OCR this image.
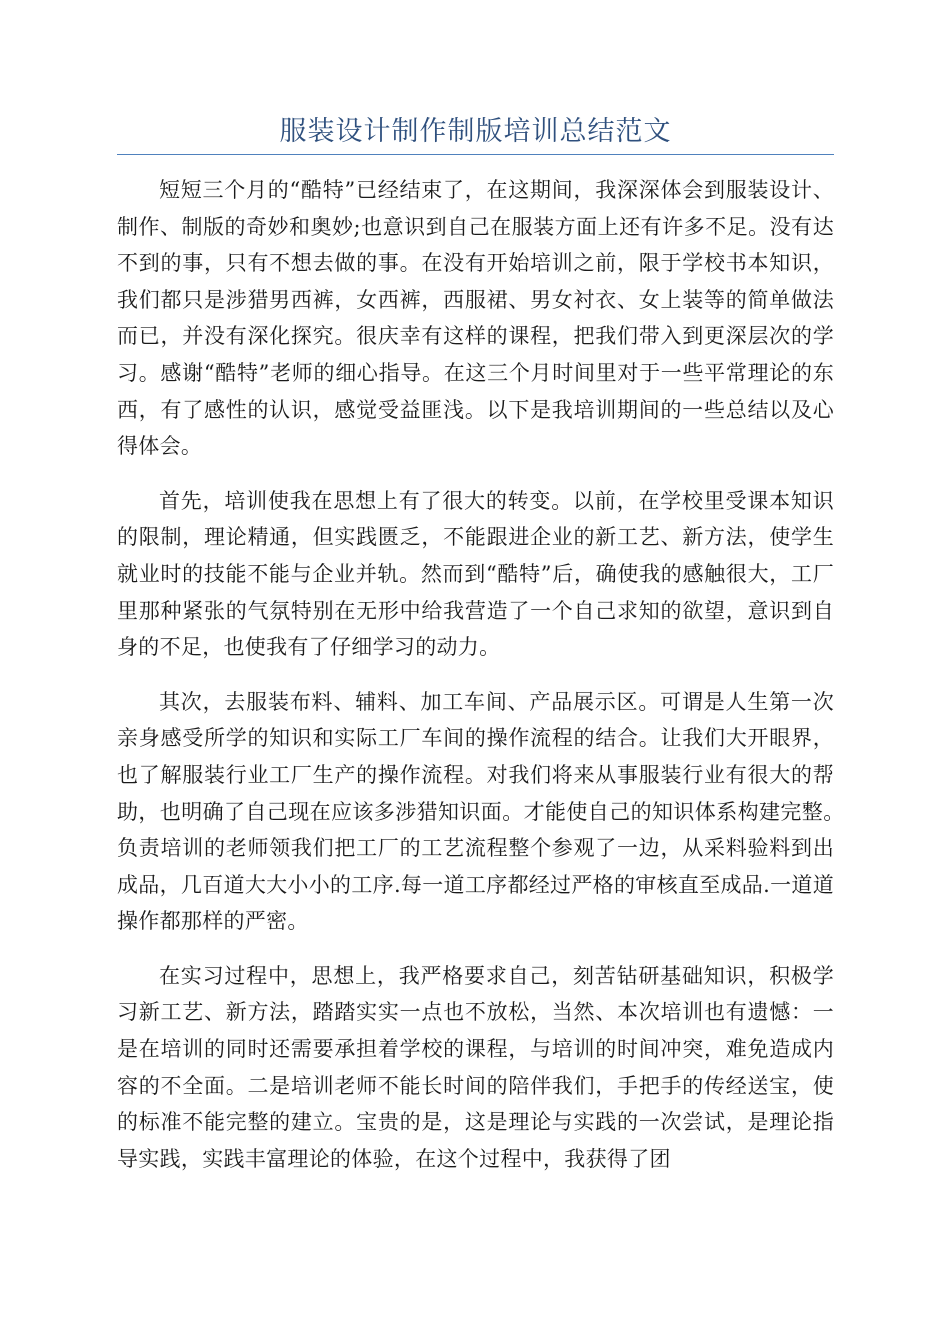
服装设计制作制版培训总结范文

短短三个月的“酷特”已经结束了，在这期间，我深深体会到服装设计、制作、制版的奇妙和奥妙;也意识到自己在服装方面上还有许多不足。没有达不到的事，只有不想去做的事。在没有开始培训之前，限于学校书本知识，我们都只是涉猎男西裤，女西裤，西服裙、男女衬衣、女上装等的简单做法而已，并没有深化探究。很庆幸有这样的课程，把我们带入到更深层次的学习。感谢“酷特”老师的细心指导。在这三个月时间里对于一些平常理论的东西，有了感性的认识，感觉受益匪浅。以下是我培训期间的一些总结以及心得体会。

首先，培训使我在思想上有了很大的转变。以前，在学校里受课本知识的限制，理论精通，但实践匮乏，不能跟进企业的新工艺、新方法，使学生就业时的技能不能与企业并轨。然而到“酷特”后，确使我的感触很大，工厂里那种紧张的气氛特别在无形中给我营造了一个自己求知的欲望，意识到自身的不足，也使我有了仔细学习的动力。

其次，去服装布料、辅料、加工车间、产品展示区。可谓是人生第一次亲身感受所学的知识和实际工厂车间的操作流程的结合。让我们大开眼界，也了解服装行业工厂生产的操作流程。对我们将来从事服装行业有很大的帮助，也明确了自己现在应该多涉猎知识面。才能使自己的知识体系构建完整。　负责培训的老师领我们把工厂的工艺流程整个参观了一边，从采料验料到出成品，几百道大大小小的工序.每一道工序都经过严格的审核直至成品.一道道操作都那样的严密。

在实习过程中，思想上，我严格要求自己，刻苦钻研基础知识，积极学习新工艺、新方法，踏踏实实一点也不放松，当然、本次培训也有遗憾：一是在培训的同时还需要承担着学校的课程，与培训的时间冲突，难免造成内容的不全面。二是培训老师不能长时间的陪伴我们，手把手的传经送宝，使的标准不能完整的建立。宝贵的是，这是理论与实践的一次尝试，是理论指导实践，实践丰富理论的体验，在这个过程中，我获得了团
